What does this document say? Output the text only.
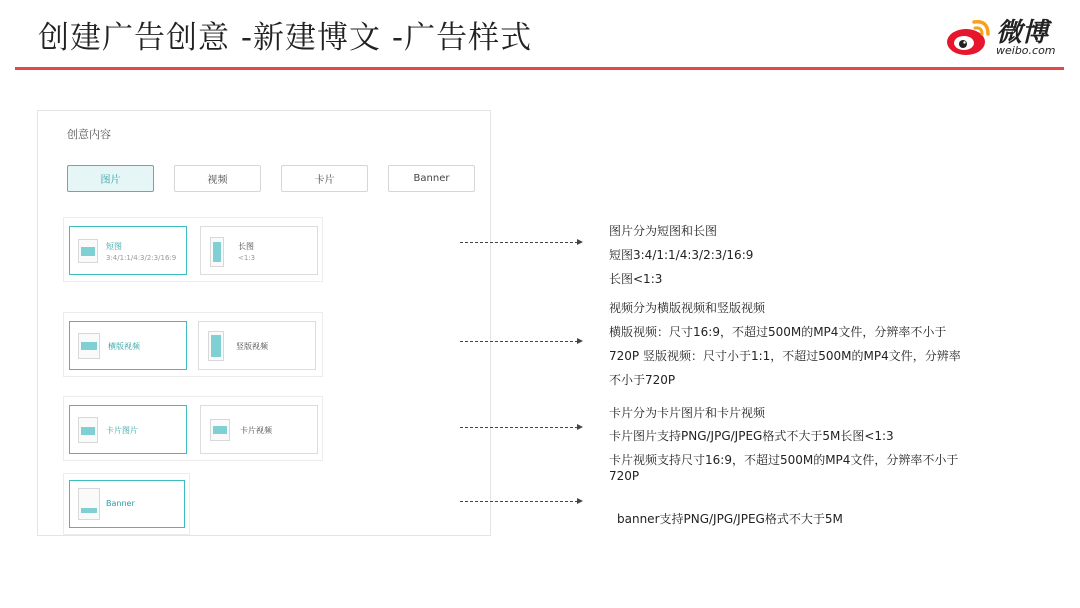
创建广告创意 -新建博文 -广告样式	微博
weibo.com
创意内容
图片	视频	卡片	Banner
短图
3:4/1:1/4:3/2:3/16:9
长图
<1:3
横版视频	竖版视频
卡片图片	卡片视频
Banner
图片分为短图和长图
短图3:4/1:1/4:3/2:3/16:9
长图<1:3
视频分为横版视频和竖版视频
横版视频：尺寸16:9，不超过500M的MP4文件，分辨率不小于
720P 竖版视频：尺寸小于1:1，不超过500M的MP4文件，分辨率
不小于720P
卡片分为卡片图片和卡片视频
卡片图片支持PNG/JPG/JPEG格式不大于5M长图<1:3
卡片视频支持尺寸16:9，不超过500M的MP4文件，分辨率不小于
720P
banner支持PNG/JPG/JPEG格式不大于5M
